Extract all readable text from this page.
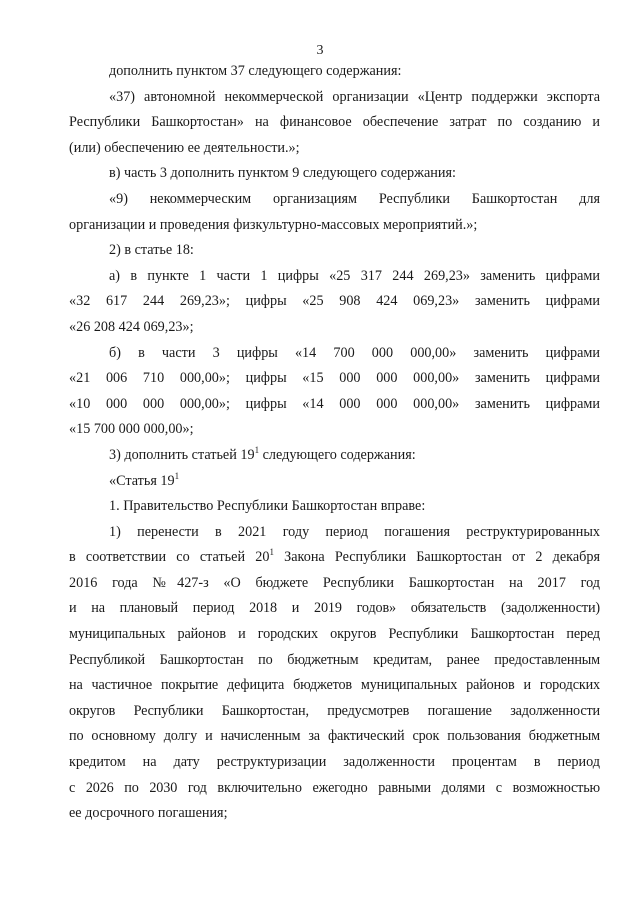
3
дополнить пунктом 37 следующего содержания:
«37) автономной некоммерческой организации «Центр поддержки экспорта
Республики Башкортостан» на финансовое обеспечение затрат по созданию и
(или) обеспечению ее деятельности.»;
в) часть 3 дополнить пунктом 9 следующего содержания:
«9) некоммерческим организациям Республики Башкортостан для
организации и проведения физкультурно-массовых мероприятий.»;
2) в статье 18:
а) в пункте 1 части 1 цифры «25 317 244 269,23» заменить цифрами
«32 617 244 269,23»; цифры «25 908 424 069,23» заменить цифрами
«26 208 424 069,23»;
б) в части 3 цифры «14 700 000 000,00» заменить цифрами
«21 006 710 000,00»; цифры «15 000 000 000,00» заменить цифрами
«10 000 000 000,00»; цифры «14 000 000 000,00» заменить цифрами
«15 700 000 000,00»;
3) дополнить статьей $19^1$ следующего содержания:
«Статья $19^1$
1. Правительство Республики Башкортостан вправе:
1) перенести в 2021 году период погашения реструктурированных
в соответствии со статьей $20^1$ Закона Республики Башкортостан от 2 декабря
2016 года №427-з «О бюджете Республики Башкортостан на 2017 год
и на плановый период 2018 и 2019 годов» обязательств (задолженности)
муниципальных районов и городских округов Республики Башкортостан перед
Республикой Башкортостан по бюджетным кредитам, ранее предоставленным
на частичное покрытие дефицита бюджетов муниципальных районов и городских
округов Республики Башкортостан, предусмотрев погашение задолженности
по основному долгу и начисленным за фактический срок пользования бюджетным
кредитом на дату реструктуризации задолженности процентам в период
с 2026 по 2030 год включительно ежегодно равными долями с возможностью
ее досрочного погашения;
